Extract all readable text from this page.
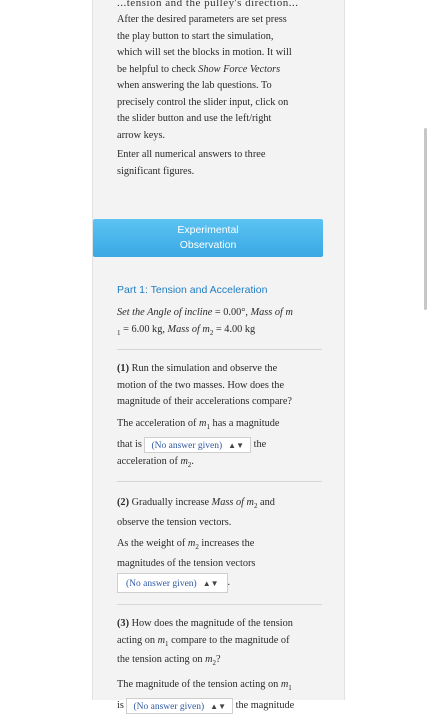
...tension and the pulley's direction...

After the desired parameters are set press

the play button to start the simulation,

which will set the blocks in motion. It will

be helpful to check Show Force Vectors

when answering the lab questions. To

precisely control the slider input, click on

the slider button and use the left/right

arrow keys.

Enter all numerical answers to three

significant figures.

Experimental
Observation
Part 1: Tension and Acceleration

Set the Angle of incline = 0.00°, Mass of m

$_1$ = 6.00 kg, Mass of $m_2 = 4.00$ kg

(1) Run the simulation and observe the

motion of the two masses. How does the

magnitude of their accelerations compare?

The acceleration of $m_1$ has a magnitude

that is (No answer given) ▲▼ the

acceleration of $m_2$.

(2) Gradually increase Mass of $m_2$ and

observe the tension vectors.

As the weight of $m_2$ increases the

magnitudes of the tension vectors

(No answer given) ▲▼ .

(3) How does the magnitude of the tension

acting on $m_1$ compare to the magnitude of

the tension acting on $m_2$?

The magnitude of the tension acting on $m_1$

is (No answer given) ▲▼ the magnitude
